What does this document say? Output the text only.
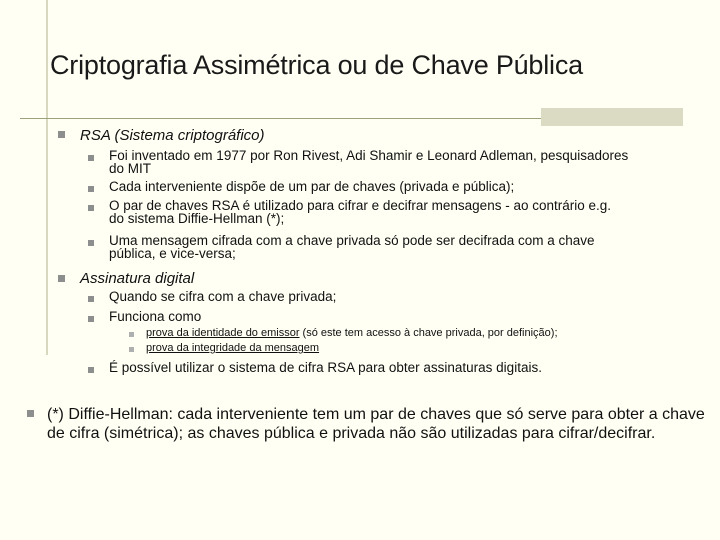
Criptografia Assimétrica ou de Chave Pública
RSA (Sistema criptográfico)
Foi inventado em 1977 por Ron Rivest, Adi Shamir e Leonard Adleman, pesquisadores
do MIT
Cada interveniente dispõe de um par de chaves (privada e pública);
O par de chaves RSA é utilizado para cifrar e decifrar mensagens - ao contrário e.g.
do sistema Diffie-Hellman (*);
Uma mensagem cifrada com a chave privada só pode ser decifrada com a chave
pública, e vice-versa;
Assinatura digital
Quando se cifra com a chave privada;
Funciona como
prova da identidade do emissor (só este tem acesso à chave privada, por definição);
prova da integridade da mensagem
É possível utilizar o sistema de cifra RSA para obter assinaturas digitais.
(*) Diffie-Hellman: cada interveniente tem um par de chaves que só serve para obter a chave de cifra (simétrica); as chaves pública e privada não são utilizadas para cifrar/decifrar.
